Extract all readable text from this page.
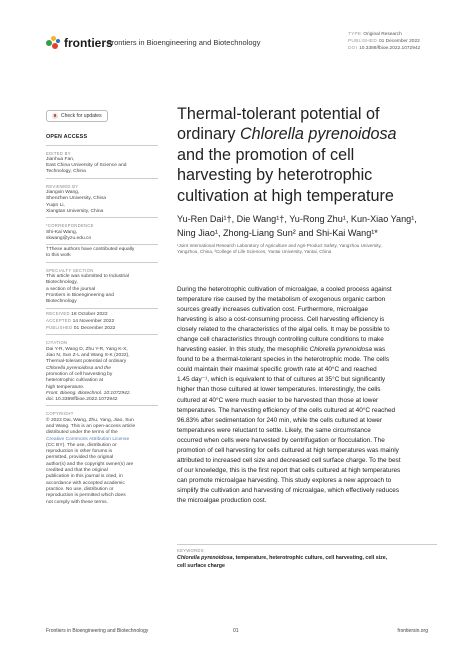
frontiers
Frontiers in Bioengineering and Biotechnology
TYPE Original Research
PUBLISHED 01 December 2022
DOI 10.3389/fbioe.2022.1072942
Check for updates
OPEN ACCESS
EDITED BY
Jianhua Fan,
East China University of Science and
Technology, China
REVIEWED BY
Jiangxin Wang,
Shenzhen University, China
Yuqin Li,
Xiangtan University, China
*CORRESPONDENCE
Shi-Kai Wang,
skwang@yzu.edu.cn
†These authors have contributed equally
to this work
SPECIALTY SECTION
This article was submitted to Industrial
Biotechnology,
a section of the journal
Frontiers in Bioengineering and
Biotechnology
RECEIVED 18 October 2022
ACCEPTED 14 November 2022
PUBLISHED 01 December 2022
CITATION
Dai Y-R, Wang D, Zhu Y-R, Yang K-X,
Jiao N, Sun Z-L and Wang S-K (2022),
Thermal-tolerant potential of ordinary
Chlorella pyrenoidosa and the
promotion of cell harvesting by
heterotrophic cultivation at
high temperature.
Front. Bioeng. Biotechnol. 10:1072942.
doi: 10.3389/fbioe.2022.1072942
COPYRIGHT
© 2022 Dai, Wang, Zhu, Yang, Jiao, Sun
and Wang. This is an open-access article
distributed under the terms of the
Creative Commons Attribution License
(CC BY). The use, distribution or
reproduction in other forums is
permitted, provided the original
author(s) and the copyright owner(s) are
credited and that the original
publication in this journal is cited, in
accordance with accepted academic
practice. No use, distribution or
reproduction is permitted which does
not comply with these terms.
Thermal-tolerant potential of
ordinary Chlorella pyrenoidosa
and the promotion of cell
harvesting by heterotrophic
cultivation at high temperature
Yu-Ren Dai¹†, Die Wang¹†, Yu-Rong Zhu¹, Kun-Xiao Yang¹,
Ning Jiao¹, Zhong-Liang Sun² and Shi-Kai Wang¹*
¹Joint International Research Laboratory of Agriculture and Agri-Product Safety, Yangzhou University,
Yangzhou, China, ²College of Life Sciences, Yantai University, Yantai, China
During the heterotrophic cultivation of microalgae, a cooled process against
temperature rise caused by the metabolism of exogenous organic carbon
sources greatly increases cultivation cost. Furthermore, microalgae
harvesting is also a cost-consuming process. Cell harvesting efficiency is
closely related to the characteristics of the algal cells. It may be possible to
change cell characteristics through controlling culture conditions to make
harvesting easier. In this study, the mesophilic Chlorella pyrenoidosa was
found to be a thermal-tolerant species in the heterotrophic mode. The cells
could maintain their maximal specific growth rate at 40°C and reached
1.45 day⁻¹, which is equivalent to that of cultures at 35°C but significantly
higher than those cultured at lower temperatures. Interestingly, the cells
cultured at 40°C were much easier to be harvested than those at lower
temperatures. The harvesting efficiency of the cells cultured at 40°C reached
96.83% after sedimentation for 240 min, while the cells cultured at lower
temperatures were reluctant to settle. Likely, the same circumstance
occurred when cells were harvested by centrifugation or flocculation. The
promotion of cell harvesting for cells cultured at high temperatures was mainly
attributed to increased cell size and decreased cell surface charge. To the best
of our knowledge, this is the first report that cells cultured at high temperatures
can promote microalgae harvesting. This study explores a new approach to
simplify the cultivation and harvesting of microalgae, which effectively reduces
the microalgae production cost.
KEYWORDS
Chlorella pyrenoidosa, temperature, heterotrophic culture, cell harvesting, cell size,
cell surface charge
Frontiers in Bioengineering and Biotechnology	01	frontiersin.org
